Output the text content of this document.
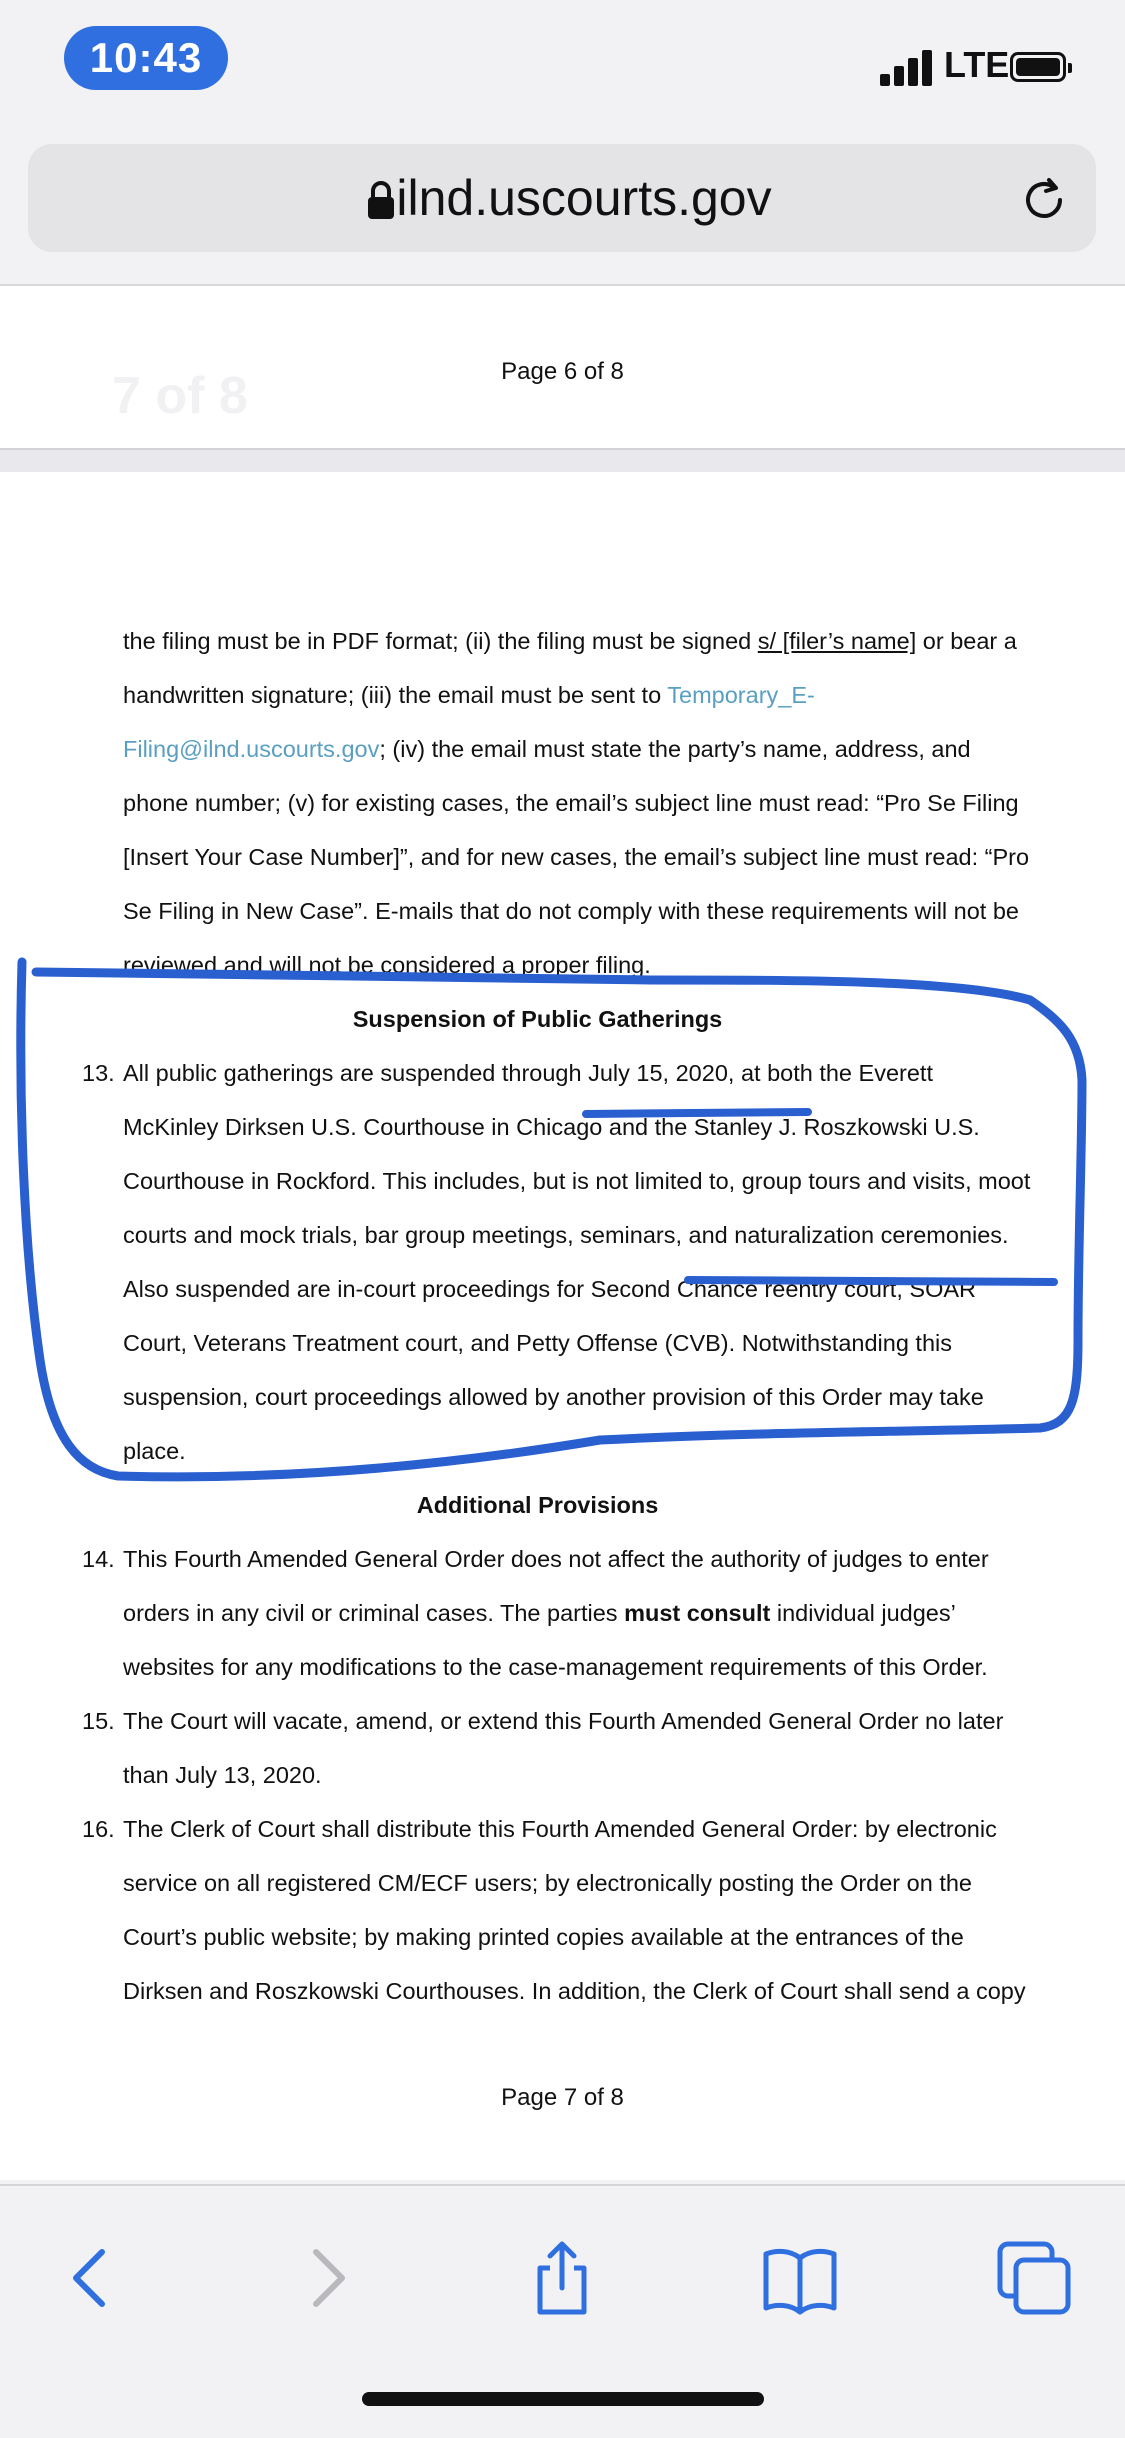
10:43	LTE
ilnd.uscourts.gov
7 of 8	Page 6 of 8
the filing must be in PDF format; (ii) the filing must be signed s/ [filer’s name] or bear a
handwritten signature; (iii) the email must be sent to Temporary_E-
Filing@ilnd.uscourts.gov; (iv) the email must state the party’s name, address, and
phone number; (v) for existing cases, the email’s subject line must read: “Pro Se Filing
[Insert Your Case Number]”, and for new cases, the email’s subject line must read: “Pro
Se Filing in New Case”. E-mails that do not comply with these requirements will not be
reviewed and will not be considered a proper filing.
Suspension of Public Gatherings
13. All public gatherings are suspended through July 15, 2020, at both the Everett
McKinley Dirksen U.S. Courthouse in Chicago and the Stanley J. Roszkowski U.S.
Courthouse in Rockford. This includes, but is not limited to, group tours and visits, moot
courts and mock trials, bar group meetings, seminars, and naturalization ceremonies.
Also suspended are in-court proceedings for Second Chance reentry court, SOAR
Court, Veterans Treatment court, and Petty Offense (CVB). Notwithstanding this
suspension, court proceedings allowed by another provision of this Order may take
place.
Additional Provisions
14. This Fourth Amended General Order does not affect the authority of judges to enter
orders in any civil or criminal cases. The parties must consult individual judges’
websites for any modifications to the case-management requirements of this Order.
15. The Court will vacate, amend, or extend this Fourth Amended General Order no later
than July 13, 2020.
16. The Clerk of Court shall distribute this Fourth Amended General Order: by electronic
service on all registered CM/ECF users; by electronically posting the Order on the
Court’s public website; by making printed copies available at the entrances of the
Dirksen and Roszkowski Courthouses. In addition, the Clerk of Court shall send a copy
Page 7 of 8
